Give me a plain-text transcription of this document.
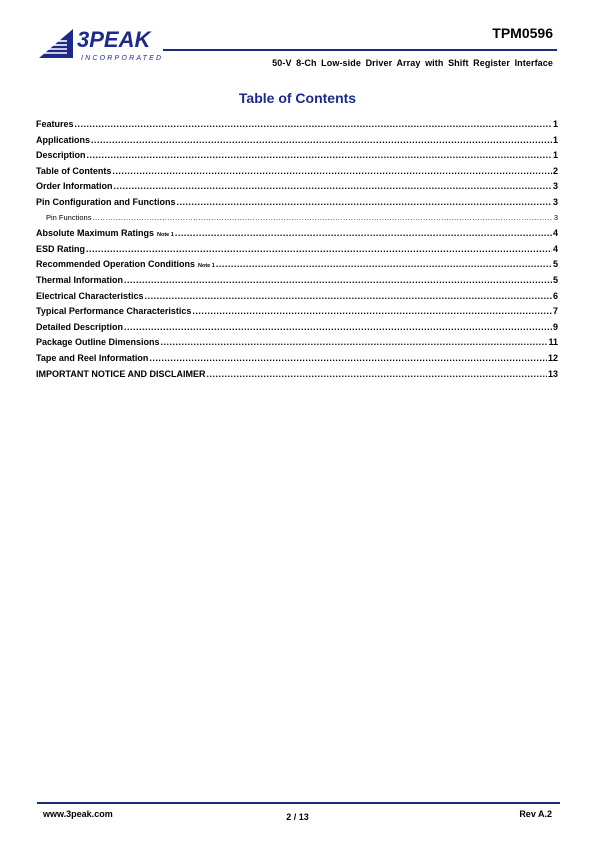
3PEAK
INCORPORATED
TPM0596
50-V 8-Ch Low-side Driver Array with Shift Register Interface
Table of Contents
Features .....	1
Applications .....	1
Description .....	1
Table of Contents .....	2
Order Information .....	3
Pin Configuration and Functions .....	3
Pin Functions .....	3
Absolute Maximum Ratings Note 1 .....	4
ESD Rating .....	4
Recommended Operation Conditions Note 1 .....	5
Thermal Information .....	5
Electrical Characteristics .....	6
Typical Performance Characteristics .....	7
Detailed Description .....	9
Package Outline Dimensions .....	11
Tape and Reel Information .....	12
IMPORTANT NOTICE AND DISCLAIMER .....	13
www.3peak.com	2 / 13	Rev A.2
